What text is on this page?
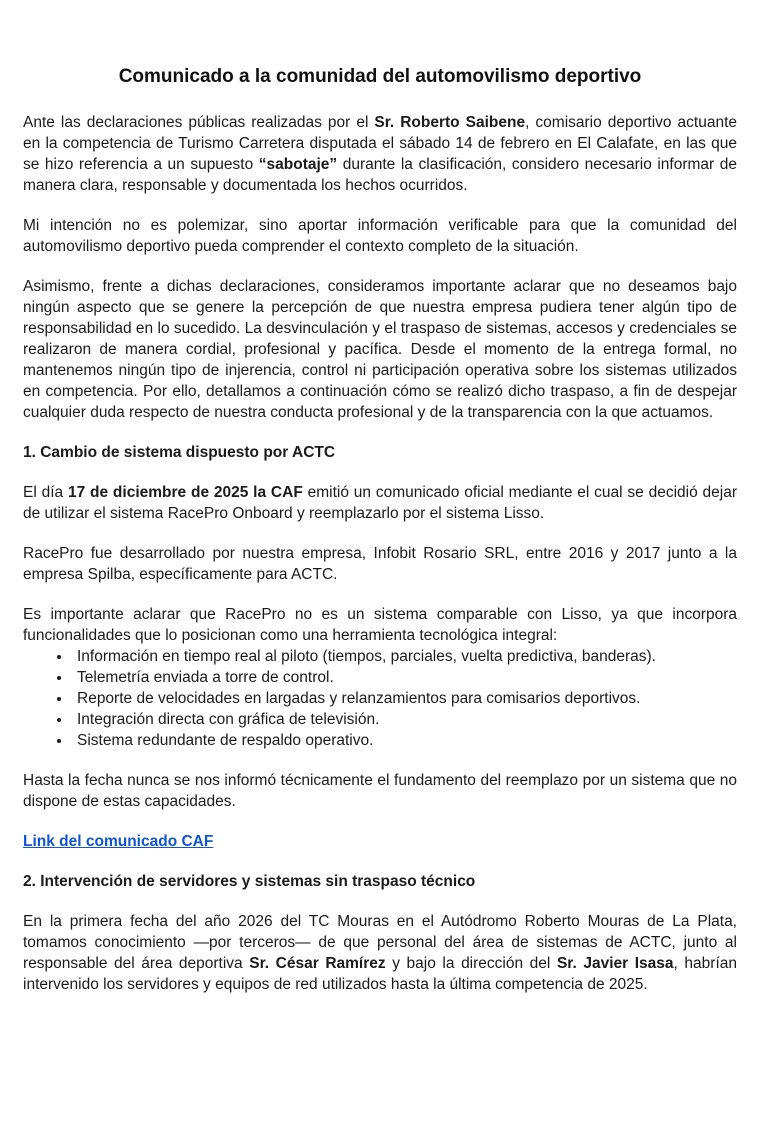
Comunicado a la comunidad del automovilismo deportivo

Ante las declaraciones públicas realizadas por el Sr. Roberto Saibene, comisario deportivo actuante en la competencia de Turismo Carretera disputada el sábado 14 de febrero en El Calafate, en las que se hizo referencia a un supuesto “sabotaje” durante la clasificación, considero necesario informar de manera clara, responsable y documentada los hechos ocurridos.

Mi intención no es polemizar, sino aportar información verificable para que la comunidad del automovilismo deportivo pueda comprender el contexto completo de la situación.

Asimismo, frente a dichas declaraciones, consideramos importante aclarar que no deseamos bajo ningún aspecto que se genere la percepción de que nuestra empresa pudiera tener algún tipo de responsabilidad en lo sucedido. La desvinculación y el traspaso de sistemas, accesos y credenciales se realizaron de manera cordial, profesional y pacífica. Desde el momento de la entrega formal, no mantenemos ningún tipo de injerencia, control ni participación operativa sobre los sistemas utilizados en competencia. Por ello, detallamos a continuación cómo se realizó dicho traspaso, a fin de despejar cualquier duda respecto de nuestra conducta profesional y de la transparencia con la que actuamos.

1. Cambio de sistema dispuesto por ACTC

El día 17 de diciembre de 2025 la CAF emitió un comunicado oficial mediante el cual se decidió dejar de utilizar el sistema RacePro Onboard y reemplazarlo por el sistema Lisso.

RacePro fue desarrollado por nuestra empresa, Infobit Rosario SRL, entre 2016 y 2017 junto a la empresa Spilba, específicamente para ACTC.

Es importante aclarar que RacePro no es un sistema comparable con Lisso, ya que incorpora funcionalidades que lo posicionan como una herramienta tecnológica integral:

• Información en tiempo real al piloto (tiempos, parciales, vuelta predictiva, banderas).
• Telemetría enviada a torre de control.
• Reporte de velocidades en largadas y relanzamientos para comisarios deportivos.
• Integración directa con gráfica de televisión.
• Sistema redundante de respaldo operativo.

Hasta la fecha nunca se nos informó técnicamente el fundamento del reemplazo por un sistema que no dispone de estas capacidades.

Link del comunicado CAF

2. Intervención de servidores y sistemas sin traspaso técnico

En la primera fecha del año 2026 del TC Mouras en el Autódromo Roberto Mouras de La Plata, tomamos conocimiento —por terceros— de que personal del área de sistemas de ACTC, junto al responsable del área deportiva Sr. César Ramírez y bajo la dirección del Sr. Javier Isasa, habrían intervenido los servidores y equipos de red utilizados hasta la última competencia de 2025.
